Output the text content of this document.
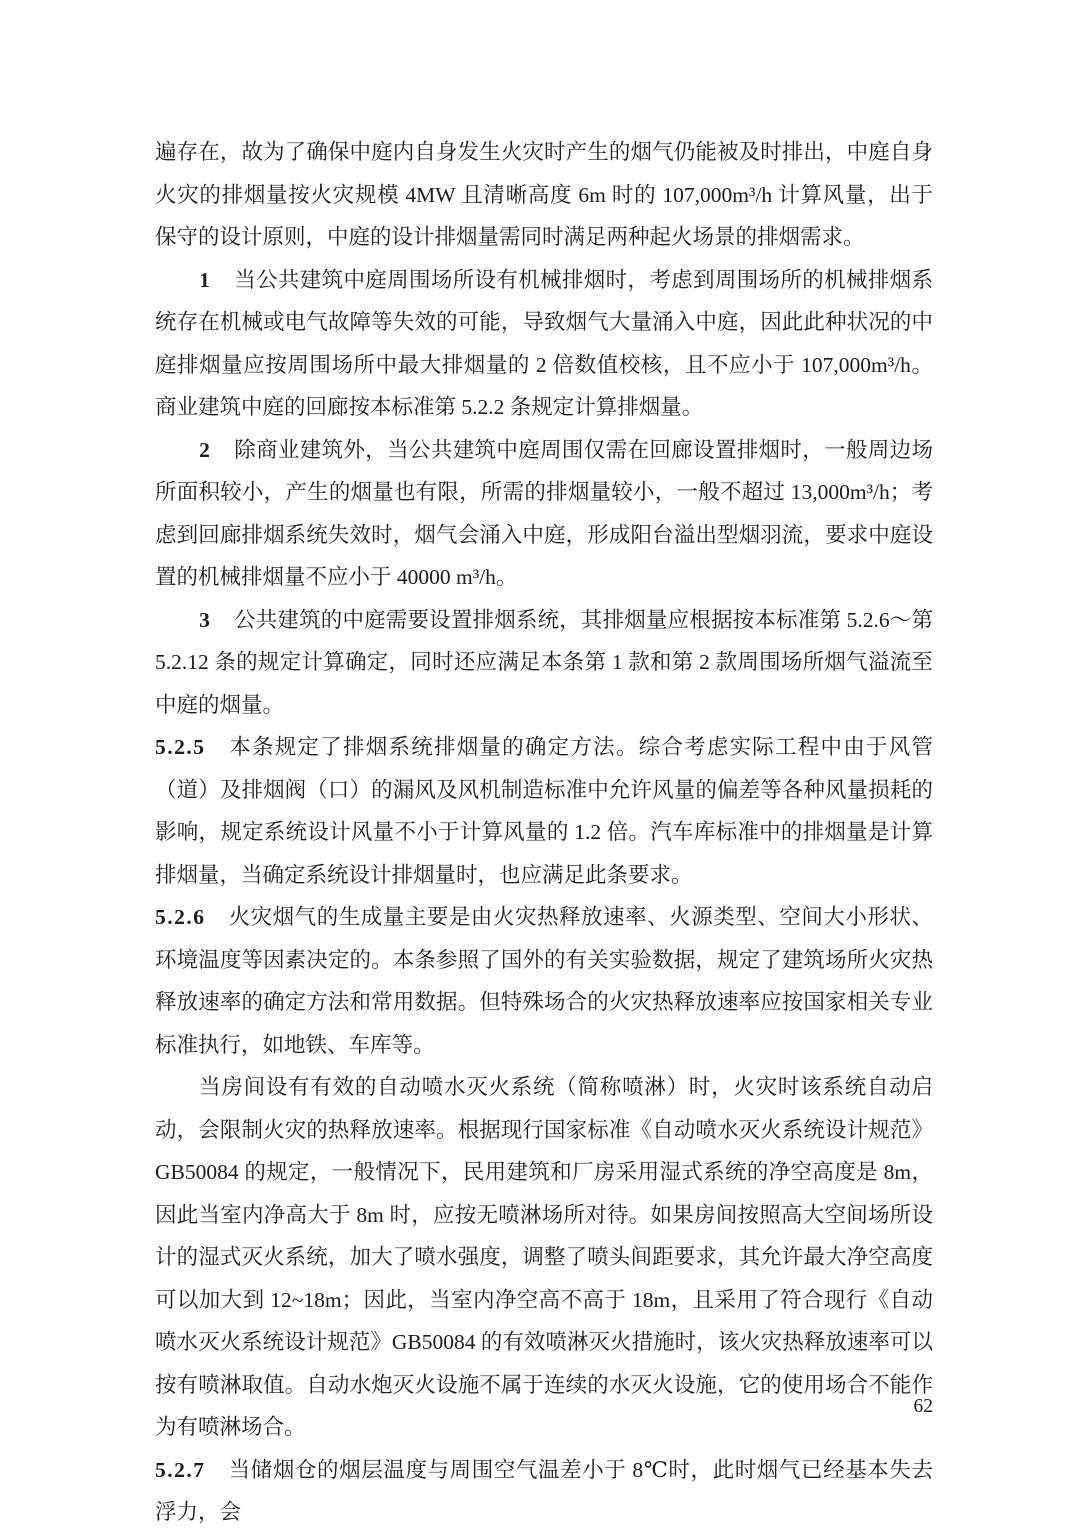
遍存在，故为了确保中庭内自身发生火灾时产生的烟气仍能被及时排出，中庭自身火灾的排烟量按火灾规模 4MW 且清晰高度 6m 时的 107,000m³/h 计算风量，出于保守的设计原则，中庭的设计排烟量需同时满足两种起火场景的排烟需求。

1 当公共建筑中庭周围场所设有机械排烟时，考虑到周围场所的机械排烟系统存在机械或电气故障等失效的可能，导致烟气大量涌入中庭，因此此种状况的中庭排烟量应按周围场所中最大排烟量的 2 倍数值校核，且不应小于 107,000m³/h。商业建筑中庭的回廊按本标准第 5.2.2 条规定计算排烟量。

2 除商业建筑外，当公共建筑中庭周围仅需在回廊设置排烟时，一般周边场所面积较小，产生的烟量也有限，所需的排烟量较小，一般不超过 13,000m³/h；考虑到回廊排烟系统失效时，烟气会涌入中庭，形成阳台溢出型烟羽流，要求中庭设置的机械排烟量不应小于 40000 m³/h。

3 公共建筑的中庭需要设置排烟系统，其排烟量应根据按本标准第 5.2.6～第 5.2.12 条的规定计算确定，同时还应满足本条第 1 款和第 2 款周围场所烟气溢流至中庭的烟量。

5.2.5 本条规定了排烟系统排烟量的确定方法。综合考虑实际工程中由于风管（道）及排烟阀（口）的漏风及风机制造标准中允许风量的偏差等各种风量损耗的影响，规定系统设计风量不小于计算风量的 1.2 倍。汽车库标准中的排烟量是计算排烟量，当确定系统设计排烟量时，也应满足此条要求。

5.2.6 火灾烟气的生成量主要是由火灾热释放速率、火源类型、空间大小形状、环境温度等因素决定的。本条参照了国外的有关实验数据，规定了建筑场所火灾热释放速率的确定方法和常用数据。但特殊场合的火灾热释放速率应按国家相关专业标准执行，如地铁、车库等。

当房间设有有效的自动喷水灭火系统（简称喷淋）时，火灾时该系统自动启动，会限制火灾的热释放速率。根据现行国家标准《自动喷水灭火系统设计规范》GB50084 的规定，一般情况下，民用建筑和厂房采用湿式系统的净空高度是 8m，因此当室内净高大于 8m 时，应按无喷淋场所对待。如果房间按照高大空间场所设计的湿式灭火系统，加大了喷水强度，调整了喷头间距要求，其允许最大净空高度可以加大到 12~18m；因此，当室内净空高不高于 18m，且采用了符合现行《自动喷水灭火系统设计规范》GB50084 的有效喷淋灭火措施时，该火灾热释放速率可以按有喷淋取值。自动水炮灭火设施不属于连续的水灭火设施，它的使用场合不能作为有喷淋场合。

5.2.7 当储烟仓的烟层温度与周围空气温差小于 8℃时，此时烟气已经基本失去浮力，会

62
